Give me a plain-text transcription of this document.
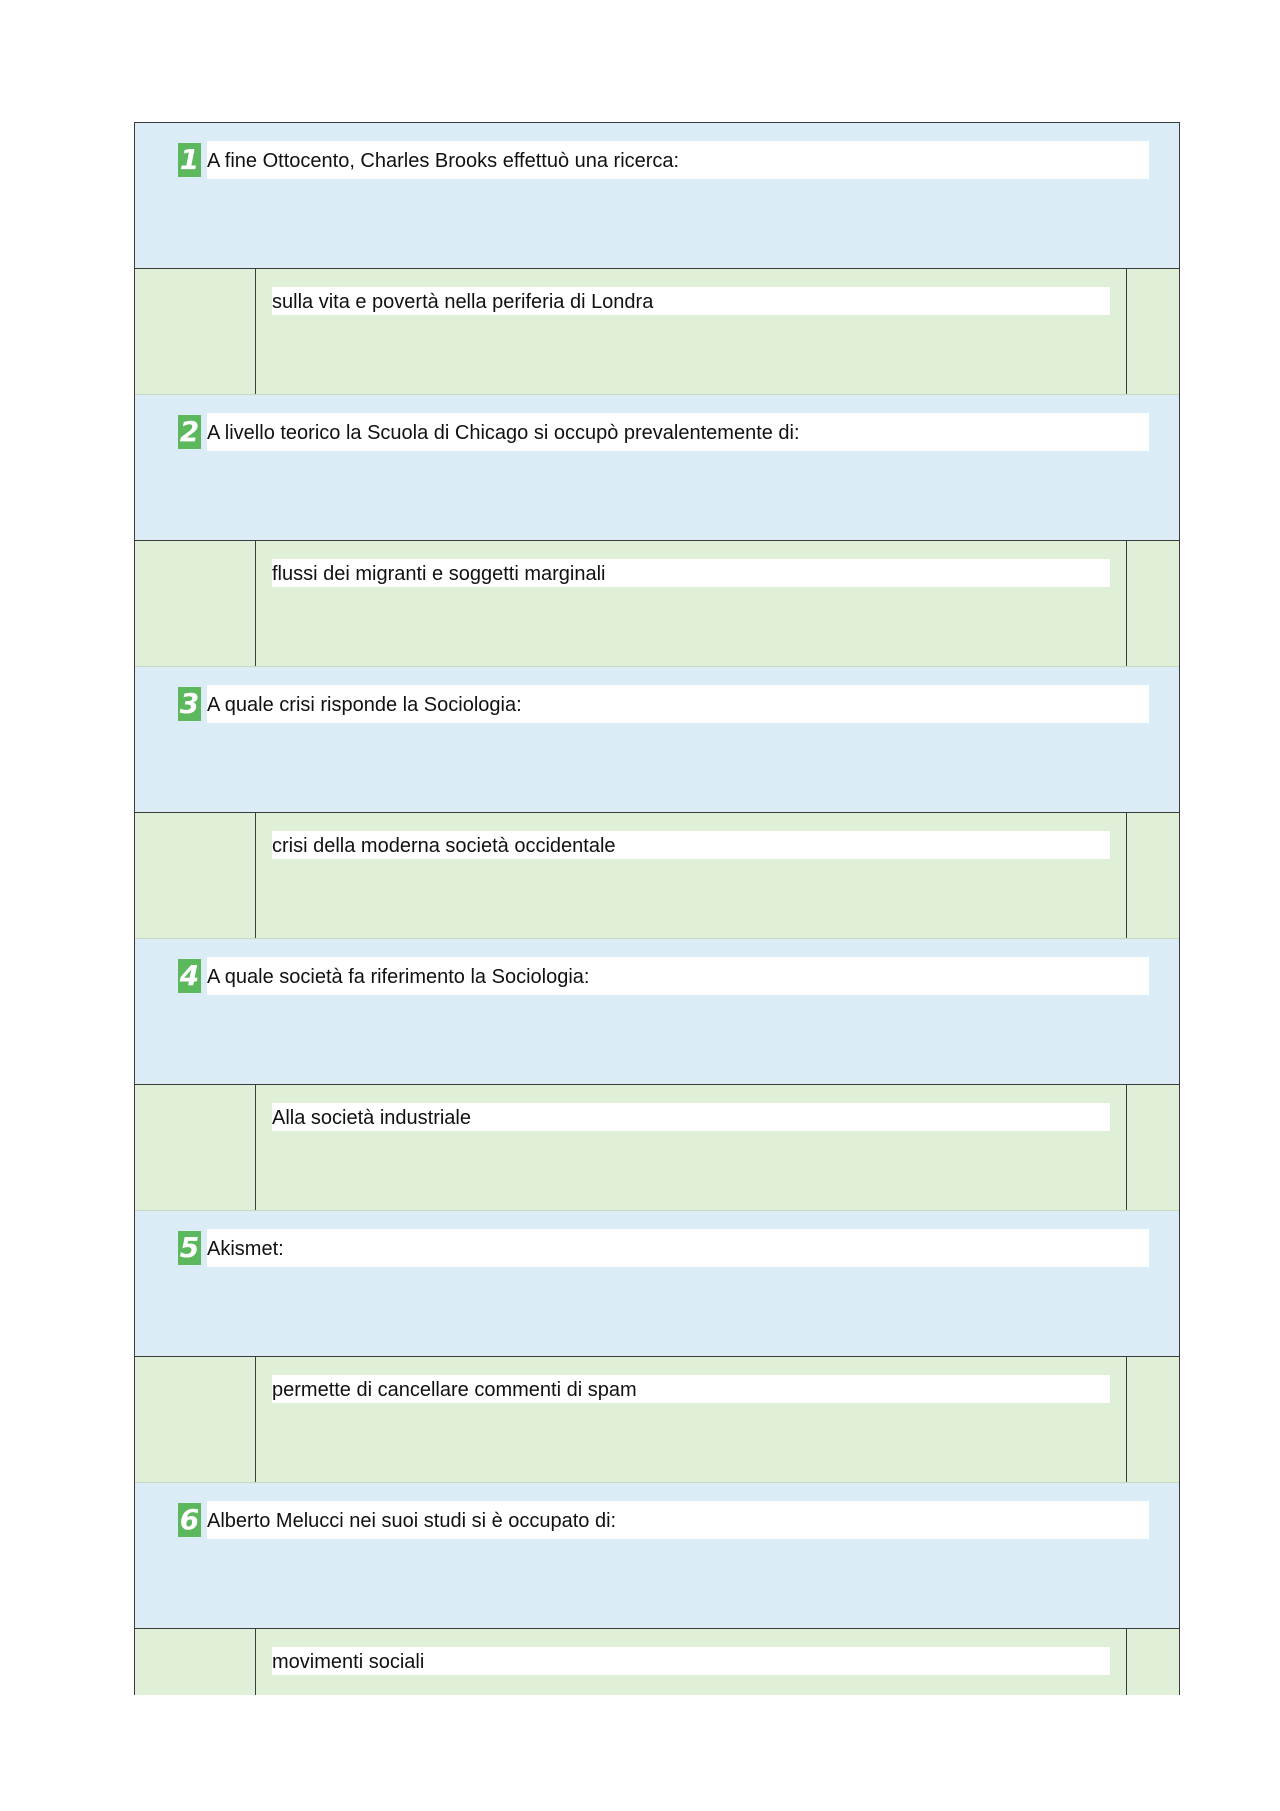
1 A fine Ottocento, Charles Brooks effettuò una ricerca:
sulla vita e povertà nella periferia di Londra
2 A livello teorico la Scuola di Chicago si occupò prevalentemente di:
flussi dei migranti e soggetti marginali
3 A quale crisi risponde la Sociologia:
crisi della moderna società occidentale
4 A quale società fa riferimento la Sociologia:
Alla società industriale
5 Akismet:
permette di cancellare commenti di spam
6 Alberto Melucci nei suoi studi si è occupato di:
movimenti sociali
